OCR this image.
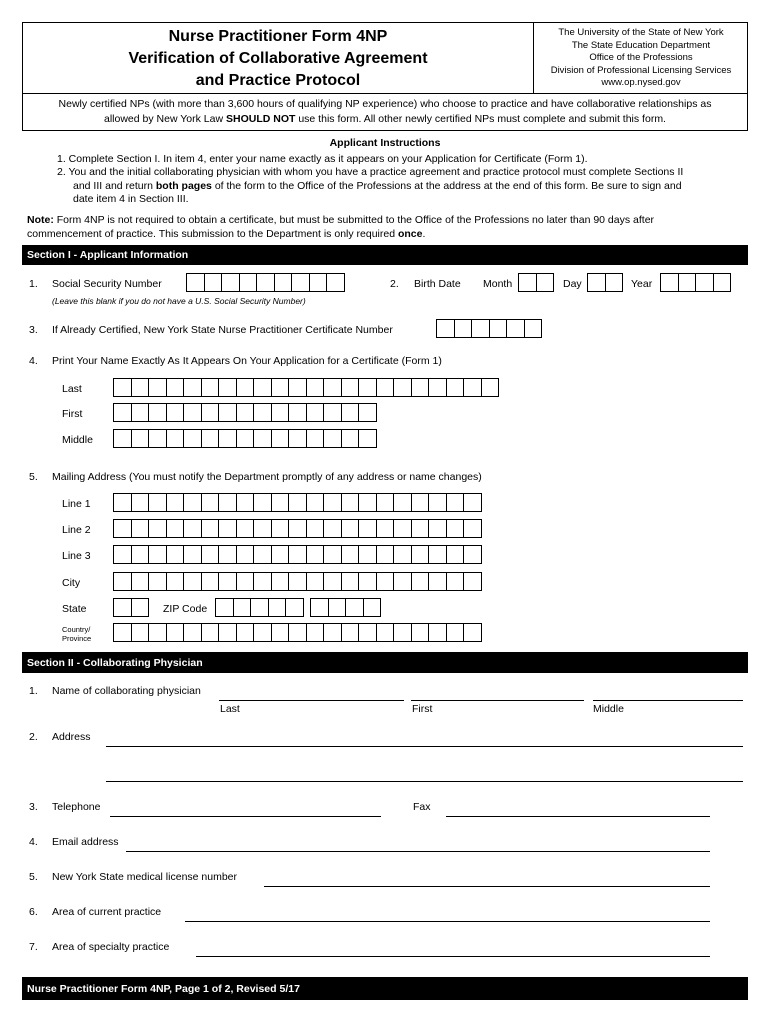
Nurse Practitioner Form 4NP
Verification of Collaborative Agreement
and Practice Protocol
The University of the State of New York
The State Education Department
Office of the Professions
Division of Professional Licensing Services
www.op.nysed.gov
Newly certified NPs (with more than 3,600 hours of qualifying NP experience) who choose to practice and have collaborative relationships as
allowed by New York Law SHOULD NOT use this form. All other newly certified NPs must complete and submit this form.
Applicant Instructions
1. Complete Section I. In item 4, enter your name exactly as it appears on your Application for Certificate (Form 1).
2. You and the initial collaborating physician with whom you have a practice agreement and practice protocol must complete Sections II
and III and return both pages of the form to the Office of the Professions at the address at the end of this form. Be sure to sign and
date item 4 in Section III.
Note: Form 4NP is not required to obtain a certificate, but must be submitted to the Office of the Professions no later than 90 days after
commencement of practice. This submission to the Department is only required once.
Section I - Applicant Information
1. Social Security Number
(Leave this blank if you do not have a U.S. Social Security Number)
2. Birth Date Month	Day	Year
3. If Already Certified, New York State Nurse Practitioner Certificate Number
4. Print Your Name Exactly As It Appears On Your Application for a Certificate (Form 1)
Last
First
Middle
5. Mailing Address (You must notify the Department promptly of any address or name changes)
Line 1
Line 2
Line 3
City
State	ZIP Code
Country/
Province
Section II - Collaborating Physician
1. Name of collaborating physician
Last	First	Middle
2. Address
3. Telephone	Fax
4. Email address
5. New York State medical license number
6. Area of current practice
7. Area of specialty practice
Nurse Practitioner Form 4NP, Page 1 of 2, Revised 5/17
